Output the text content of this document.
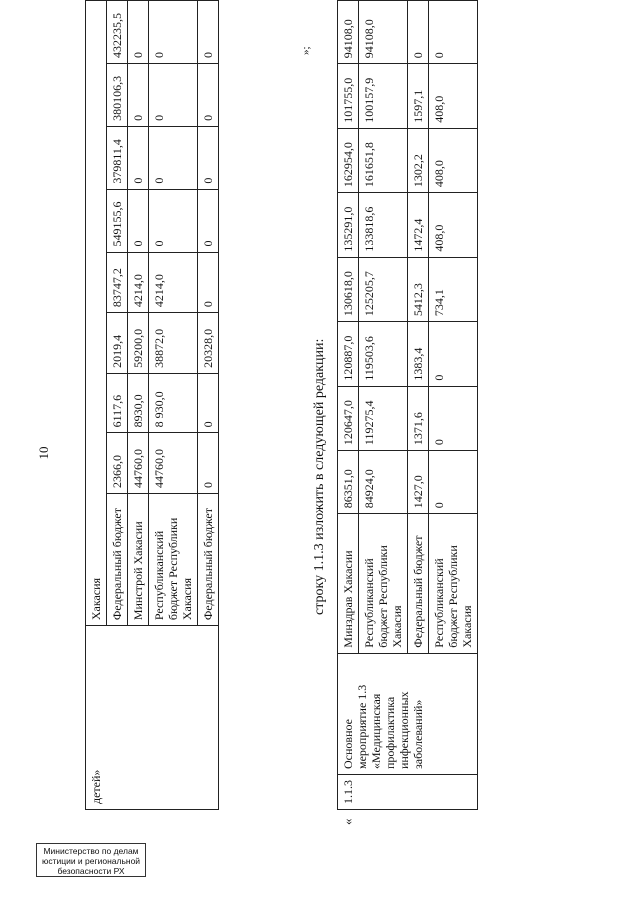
10
Министерство по делам
юстиции и региональной
безопасности РХ
детей»	Хакасия								
	Федеральный бюджет	2366,0	6117,6	2019,4	83747,2	549155,6	379811,4	380106,3	432235,5
	Минстрой Хакасии	44760,0	8930,0	59200,0	4214,0	0	0	0	0
	Республиканский бюджет Республики Хакасия	44760,0	8 930,0	38872,0	4214,0	0	0	0	0
	Федеральный бюджет	0	0	20328,0	0	0	0	0	0	»;
строку 1.1.3 изложить в следующей редакции:
«
1.1.3	Основное мероприятие 1.3 «Медицинская профилактика инфекционных заболеваний»	Минздрав Хакасии	86351,0	120647,0	120887,0	130618,0	135291,0	162954,0	101755,0	94108,0
		Республиканский бюджет Республики Хакасия	84924,0	119275,4	119503,6	125205,7	133818,6	161651,8	100157,9	94108,0
		Федеральный бюджет	1427,0	1371,6	1383,4	5412,3	1472,4	1302,2	1597,1	0
		Республиканский бюджет Республики Хакасия	0	0	0	734,1	408,0	408,0	408,0	0
